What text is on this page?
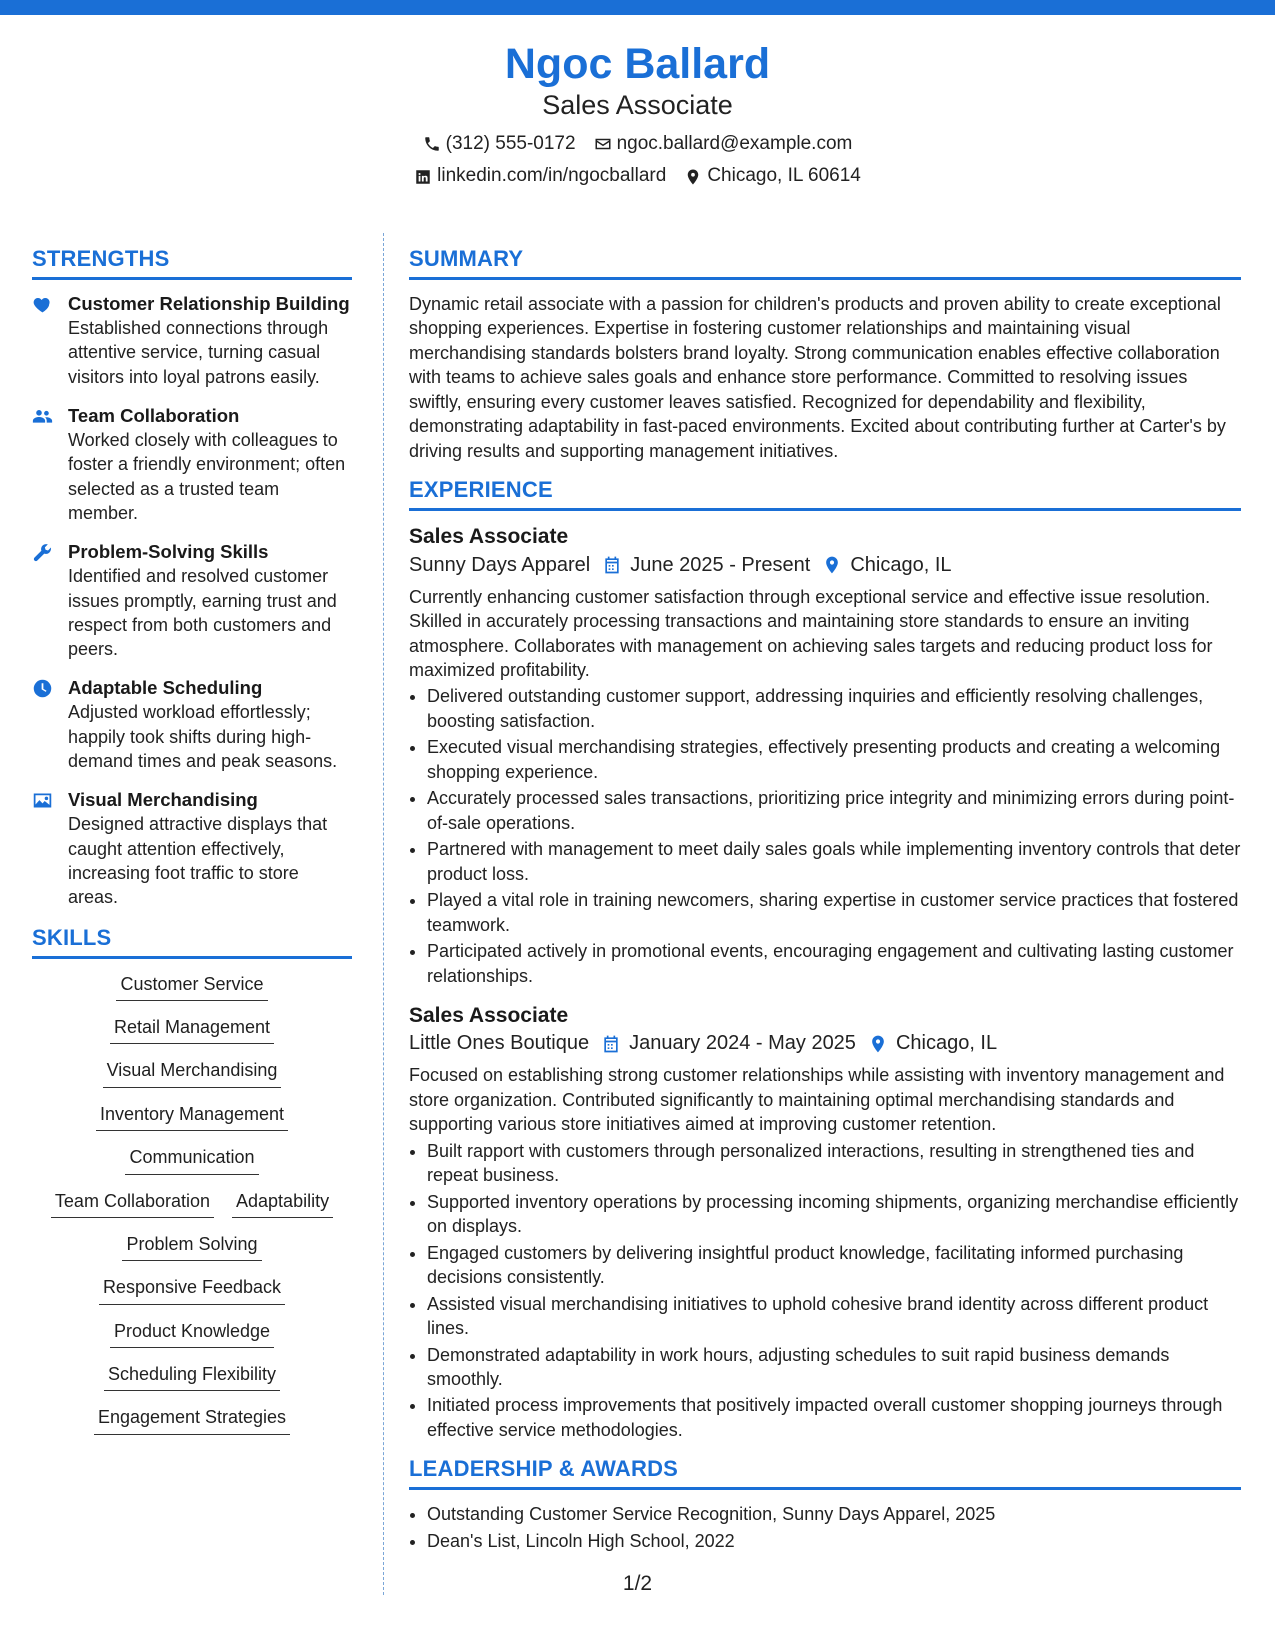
Ngoc Ballard
Sales Associate
(312) 555-0172 ngoc.ballard@example.com
linkedin.com/in/ngocballard Chicago, IL 60614
STRENGTHS
Customer Relationship Building
Established connections through attentive service, turning casual visitors into loyal patrons easily.
Team Collaboration
Worked closely with colleagues to foster a friendly environment; often selected as a trusted team member.
Problem-Solving Skills
Identified and resolved customer issues promptly, earning trust and respect from both customers and peers.
Adaptable Scheduling
Adjusted workload effortlessly; happily took shifts during high-demand times and peak seasons.
Visual Merchandising
Designed attractive displays that caught attention effectively, increasing foot traffic to store areas.
SKILLS
Customer Service
Retail Management
Visual Merchandising
Inventory Management
Communication
Team Collaboration Adaptability
Problem Solving
Responsive Feedback
Product Knowledge
Scheduling Flexibility
Engagement Strategies
SUMMARY
Dynamic retail associate with a passion for children's products and proven ability to create exceptional shopping experiences. Expertise in fostering customer relationships and maintaining visual merchandising standards bolsters brand loyalty. Strong communication enables effective collaboration with teams to achieve sales goals and enhance store performance. Committed to resolving issues swiftly, ensuring every customer leaves satisfied. Recognized for dependability and flexibility, demonstrating adaptability in fast-paced environments. Excited about contributing further at Carter's by driving results and supporting management initiatives.
EXPERIENCE
Sales Associate
Sunny Days Apparel June 2025 - Present Chicago, IL
Currently enhancing customer satisfaction through exceptional service and effective issue resolution. Skilled in accurately processing transactions and maintaining store standards to ensure an inviting atmosphere. Collaborates with management on achieving sales targets and reducing product loss for maximized profitability.
• Delivered outstanding customer support, addressing inquiries and efficiently resolving challenges, boosting satisfaction.
• Executed visual merchandising strategies, effectively presenting products and creating a welcoming shopping experience.
• Accurately processed sales transactions, prioritizing price integrity and minimizing errors during point-of-sale operations.
• Partnered with management to meet daily sales goals while implementing inventory controls that deter product loss.
• Played a vital role in training newcomers, sharing expertise in customer service practices that fostered teamwork.
• Participated actively in promotional events, encouraging engagement and cultivating lasting customer relationships.
Sales Associate
Little Ones Boutique January 2024 - May 2025 Chicago, IL
Focused on establishing strong customer relationships while assisting with inventory management and store organization. Contributed significantly to maintaining optimal merchandising standards and supporting various store initiatives aimed at improving customer retention.
• Built rapport with customers through personalized interactions, resulting in strengthened ties and repeat business.
• Supported inventory operations by processing incoming shipments, organizing merchandise efficiently on displays.
• Engaged customers by delivering insightful product knowledge, facilitating informed purchasing decisions consistently.
• Assisted visual merchandising initiatives to uphold cohesive brand identity across different product lines.
• Demonstrated adaptability in work hours, adjusting schedules to suit rapid business demands smoothly.
• Initiated process improvements that positively impacted overall customer shopping journeys through effective service methodologies.
LEADERSHIP & AWARDS
• Outstanding Customer Service Recognition, Sunny Days Apparel, 2025
• Dean's List, Lincoln High School, 2022
1/2
